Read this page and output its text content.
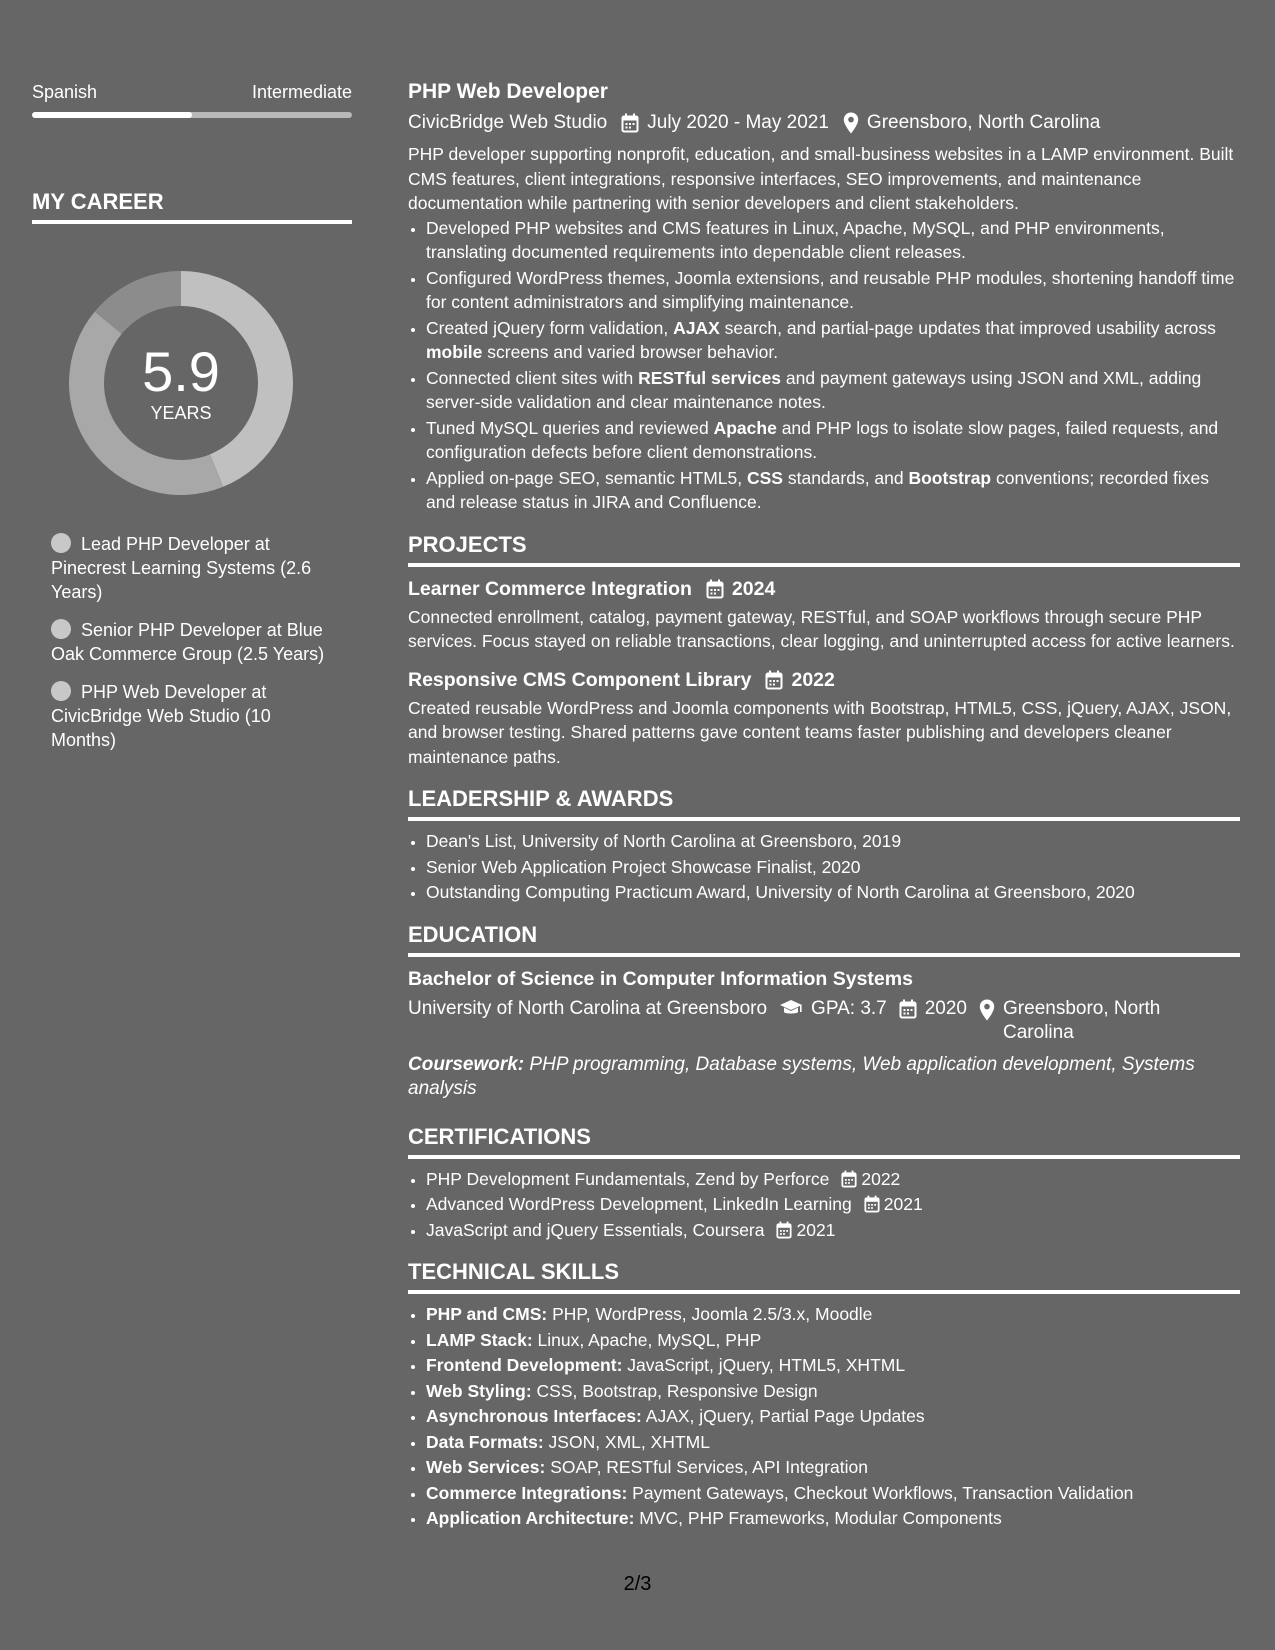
Spanish	Intermediate
MY CAREER
5.9
YEARS
Lead PHP Developer at Pinecrest Learning Systems (2.6 Years)
Senior PHP Developer at Blue Oak Commerce Group (2.5 Years)
PHP Web Developer at CivicBridge Web Studio (10 Months)
PHP Web Developer
CivicBridge Web Studio July 2020 - May 2021 Greensboro, North Carolina
PHP developer supporting nonprofit, education, and small-business websites in a LAMP environment. Built CMS features, client integrations, responsive interfaces, SEO improvements, and maintenance documentation while partnering with senior developers and client stakeholders.
• Developed PHP websites and CMS features in Linux, Apache, MySQL, and PHP environments, translating documented requirements into dependable client releases.
• Configured WordPress themes, Joomla extensions, and reusable PHP modules, shortening handoff time for content administrators and simplifying maintenance.
• Created jQuery form validation, AJAX search, and partial-page updates that improved usability across mobile screens and varied browser behavior.
• Connected client sites with RESTful services and payment gateways using JSON and XML, adding server-side validation and clear maintenance notes.
• Tuned MySQL queries and reviewed Apache and PHP logs to isolate slow pages, failed requests, and configuration defects before client demonstrations.
• Applied on-page SEO, semantic HTML5, CSS standards, and Bootstrap conventions; recorded fixes and release status in JIRA and Confluence.
PROJECTS
Learner Commerce Integration 2024
Connected enrollment, catalog, payment gateway, RESTful, and SOAP workflows through secure PHP services. Focus stayed on reliable transactions, clear logging, and uninterrupted access for active learners.
Responsive CMS Component Library 2022
Created reusable WordPress and Joomla components with Bootstrap, HTML5, CSS, jQuery, AJAX, JSON, and browser testing. Shared patterns gave content teams faster publishing and developers cleaner maintenance paths.
LEADERSHIP & AWARDS
• Dean's List, University of North Carolina at Greensboro, 2019
• Senior Web Application Project Showcase Finalist, 2020
• Outstanding Computing Practicum Award, University of North Carolina at Greensboro, 2020
EDUCATION
Bachelor of Science in Computer Information Systems
University of North Carolina at Greensboro GPA: 3.7 2020 Greensboro, North Carolina
Coursework: PHP programming, Database systems, Web application development, Systems analysis
CERTIFICATIONS
• PHP Development Fundamentals, Zend by Perforce 2022
• Advanced WordPress Development, LinkedIn Learning 2021
• JavaScript and jQuery Essentials, Coursera 2021
TECHNICAL SKILLS
• PHP and CMS: PHP, WordPress, Joomla 2.5/3.x, Moodle
• LAMP Stack: Linux, Apache, MySQL, PHP
• Frontend Development: JavaScript, jQuery, HTML5, XHTML
• Web Styling: CSS, Bootstrap, Responsive Design
• Asynchronous Interfaces: AJAX, jQuery, Partial Page Updates
• Data Formats: JSON, XML, XHTML
• Web Services: SOAP, RESTful Services, API Integration
• Commerce Integrations: Payment Gateways, Checkout Workflows, Transaction Validation
• Application Architecture: MVC, PHP Frameworks, Modular Components
2/3
